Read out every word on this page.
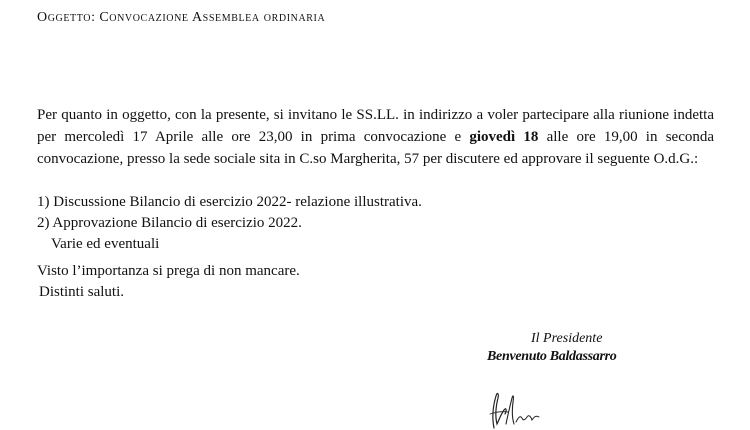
Oggetto: Convocazione Assemblea ordinaria
Per quanto in oggetto, con la presente, si invitano le SS.LL. in indirizzo a voler partecipare alla riunione indetta per mercoledì 17 Aprile alle ore 23,00 in prima convocazione e giovedì 18 alle ore 19,00 in seconda convocazione, presso la sede sociale sita in C.so Margherita, 57 per discutere ed approvare il seguente O.d.G.:
1) Discussione Bilancio di esercizio 2022- relazione illustrativa.
2) Approvazione Bilancio di esercizio 2022.
Varie ed eventuali
Visto l’importanza si prega di non mancare.
Distinti saluti.
Il Presidente
Benvenuto Baldassarro
